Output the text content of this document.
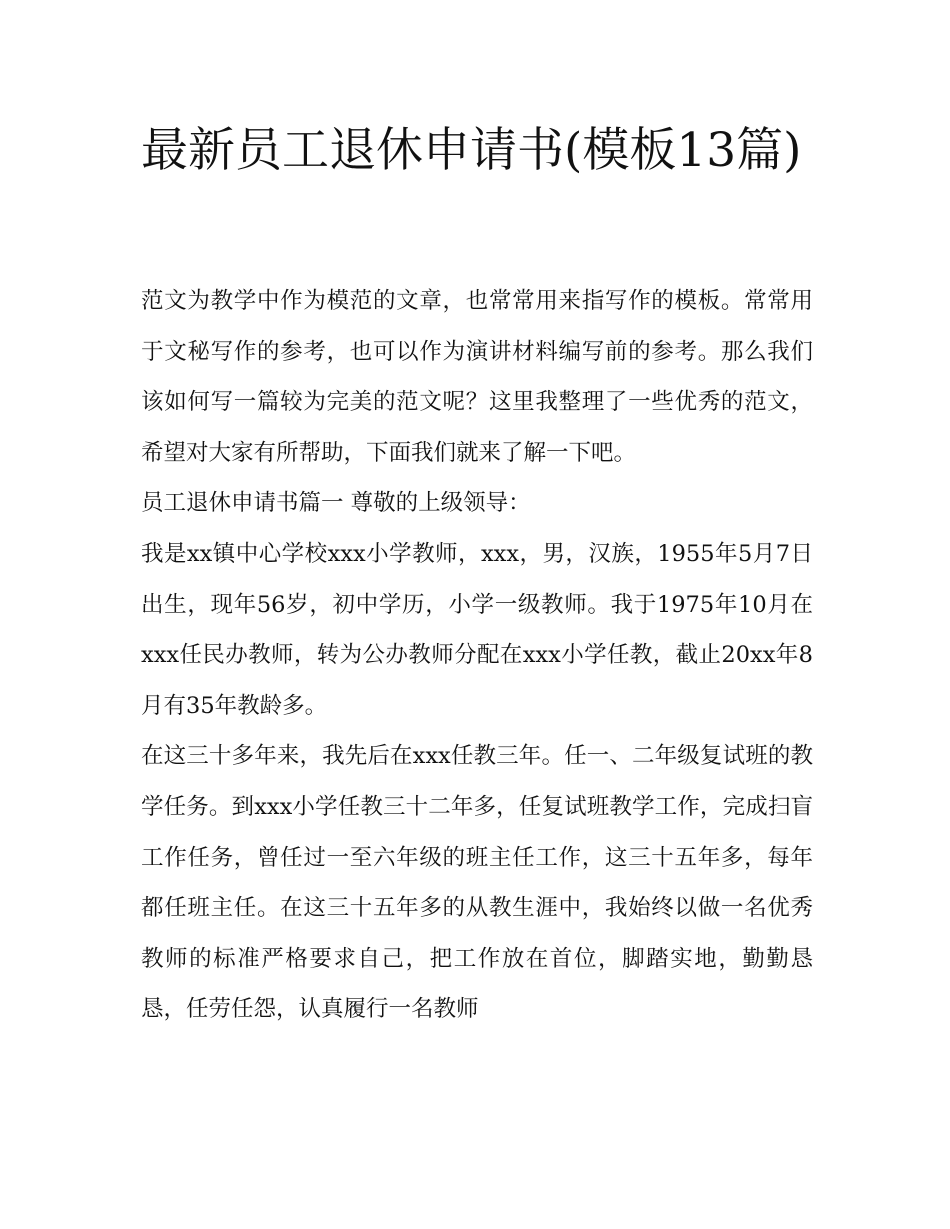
最新员工退休申请书(模板13篇)

范文为教学中作为模范的文章，也常常用来指写作的模板。常常用于文秘写作的参考，也可以作为演讲材料编写前的参考。那么我们该如何写一篇较为完美的范文呢？这里我整理了一些优秀的范文，希望对大家有所帮助，下面我们就来了解一下吧。

员工退休申请书篇一 尊敬的上级领导：

我是xx镇中心学校xxx小学教师，xxx，男，汉族，1955年5月7日出生，现年56岁，初中学历，小学一级教师。我于1975年10月在xxx任民办教师，转为公办教师分配在xxx小学任教，截止20xx年8月有35年教龄多。

在这三十多年来，我先后在xxx任教三年。任一、二年级复试班的教学任务。到xxx小学任教三十二年多，任复试班教学工作，完成扫盲工作任务，曾任过一至六年级的班主任工作，这三十五年多，每年都任班主任。在这三十五年多的从教生涯中，我始终以做一名优秀教师的标准严格要求自己，把工作放在首位，脚踏实地，勤勤恳恳，任劳任怨，认真履行一名教师
